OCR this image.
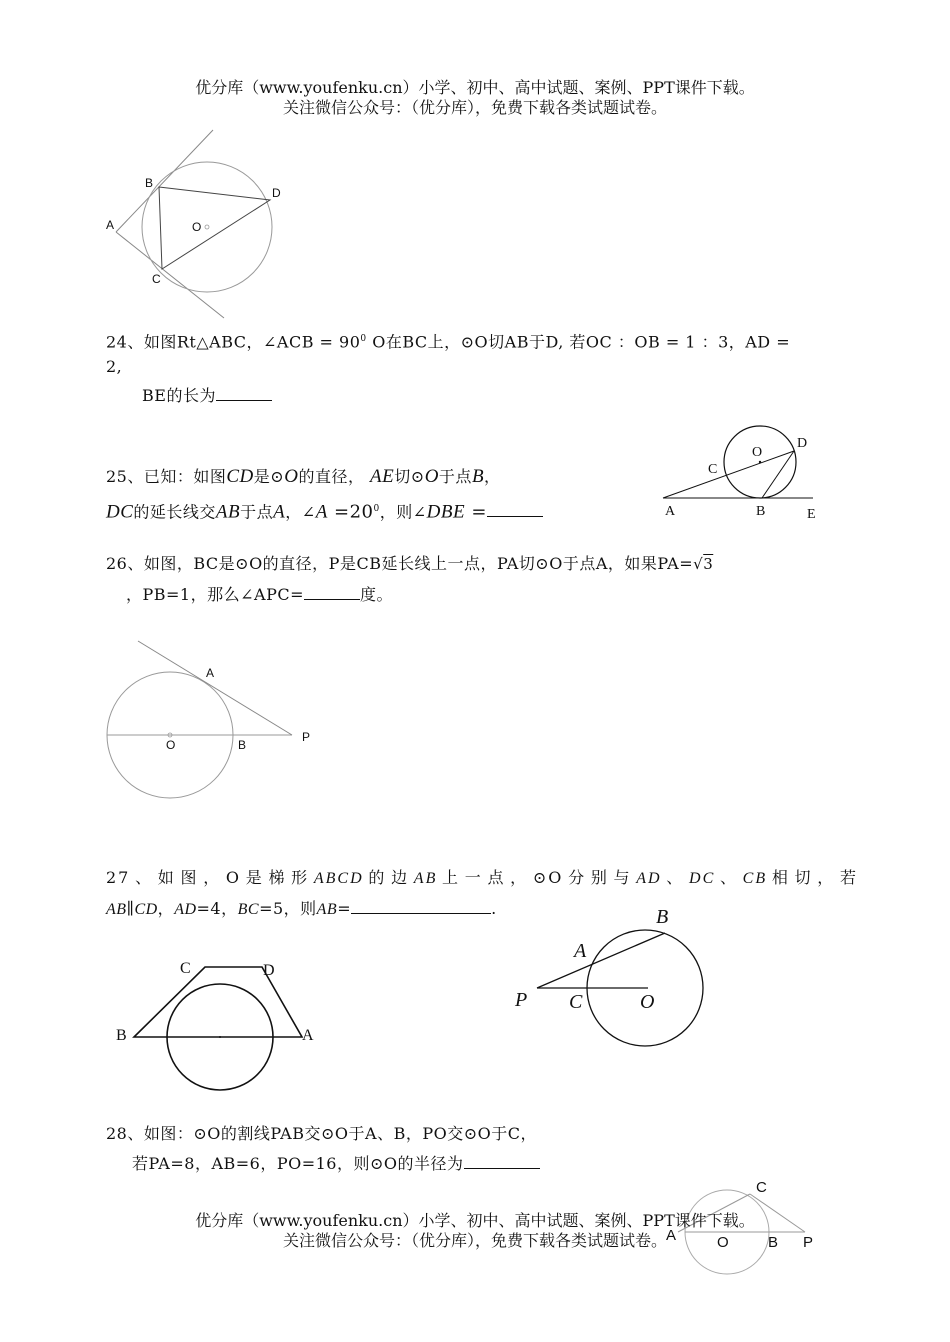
优分库（www.youfenku.cn）小学、初中、高中试题、案例、PPT课件下载。
关注微信公众号：（优分库），免费下载各类试题试卷。
A
B
C
D
O
24、如图Rt△ABC，∠ACB = $90^0$ O在BC上，⊙O切AB于D, 若OC ：OB = 1 ：3，AD =
2,
BE的长为
25、已知：如图CD是⊙O的直径， AE切⊙O于点B，
DC的延长线交AB于点A，∠A $=20^0$，则∠DBE =
O
D
C
A	B	E
26、如图，BC是⊙O的直径，P是CB延长线上一点，PA切⊙O于点A，如果PA=√3
，PB=1，那么∠APC=	度。
A
O	B
P
27、如图，O是梯形ABCD的边AB上一点，⊙O分别与AD、DC、CB相切，若
AB∥CD，AD=4，BC=5，则AB=	.
C	D
B	A
B
A
P C	O
28、如图：⊙O的割线PAB交⊙O于A、B，PO交⊙O于C，
若PA=8，AB=6，PO=16，则⊙O的半径为
C
A	O	B P
优分库（www.youfenku.cn）小学、初中、高中试题、案例、PPT课件下载。
关注微信公众号：（优分库），免费下载各类试题试卷。
